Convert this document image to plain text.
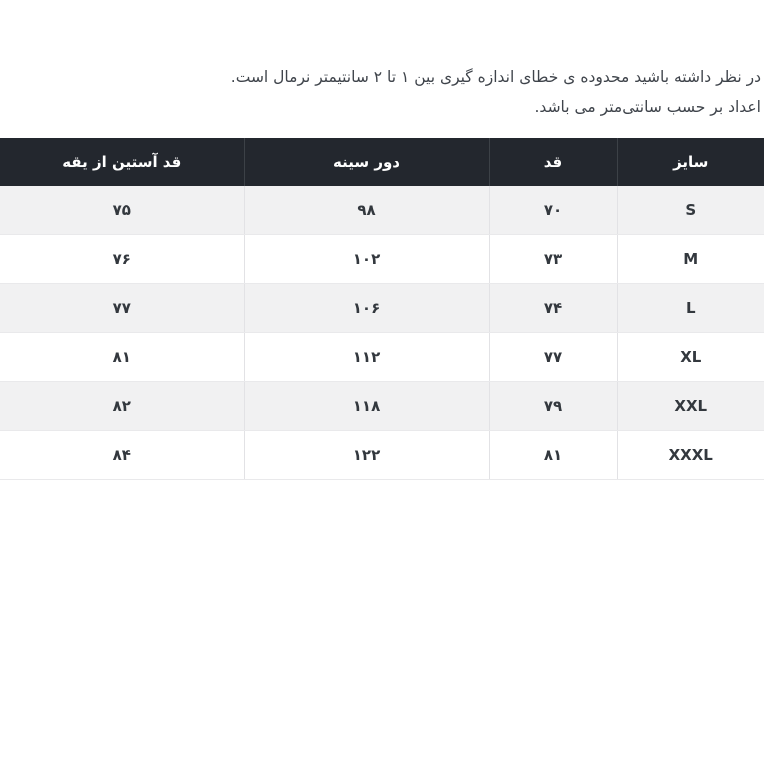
در نظر داشته باشید محدوده ی خطای اندازه گیری بین ۱ تا ۲ سانتیمتر نرمال است.
اعداد بر حسب سانتی‌متر می باشد.
سایز	قد	دور سینه	قد آستین از یقه
S	۷۰	۹۸	۷۵
M	۷۳	۱۰۲	۷۶
L	۷۴	۱۰۶	۷۷
XL	۷۷	۱۱۲	۸۱
XXL	۷۹	۱۱۸	۸۲
XXXL	۸۱	۱۲۲	۸۴
